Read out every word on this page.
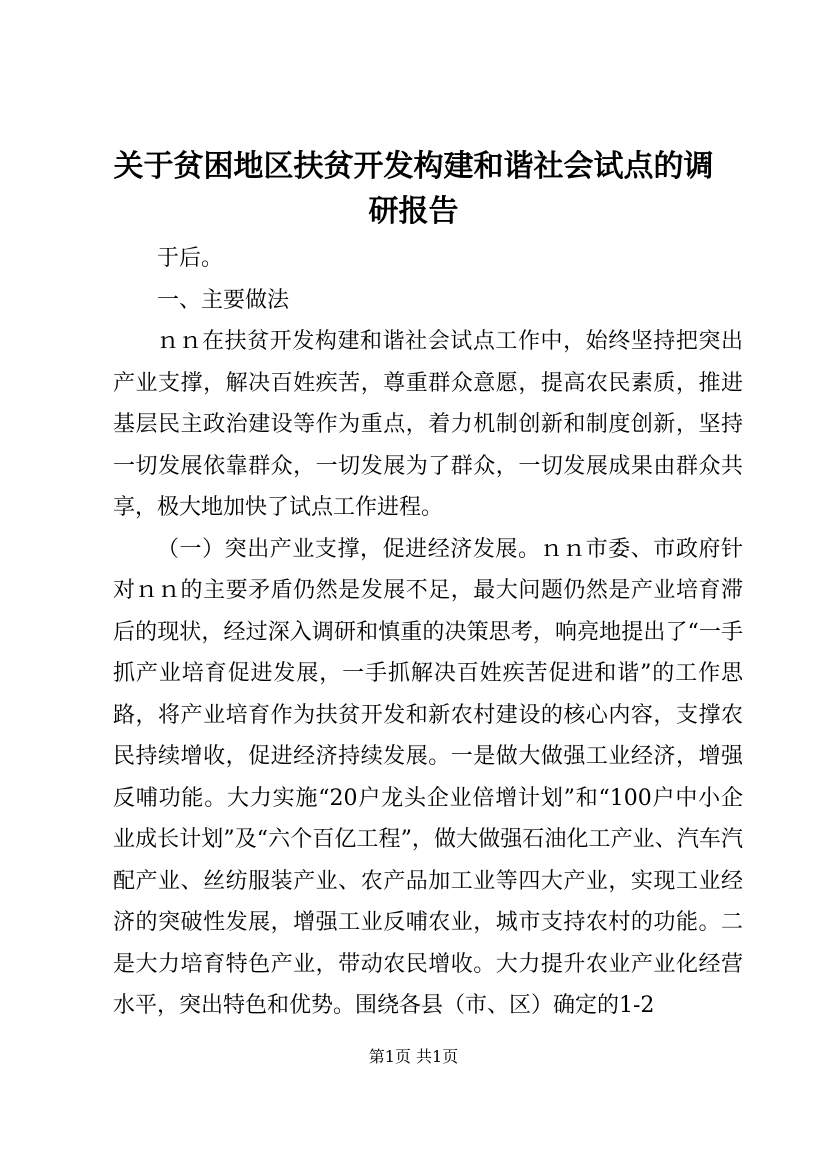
关于贫困地区扶贫开发构建和谐社会试点的调研报告

于后。

一、主要做法

ｎｎ在扶贫开发构建和谐社会试点工作中，始终坚持把突出产业支撑，解决百姓疾苦，尊重群众意愿，提高农民素质，推进基层民主政治建设等作为重点，着力机制创新和制度创新，坚持一切发展依靠群众，一切发展为了群众，一切发展成果由群众共享，极大地加快了试点工作进程。

（一）突出产业支撑，促进经济发展。ｎｎ市委、市政府针对ｎｎ的主要矛盾仍然是发展不足，最大问题仍然是产业培育滞后的现状，经过深入调研和慎重的决策思考，响亮地提出了“一手抓产业培育促进发展，一手抓解决百姓疾苦促进和谐”的工作思路，将产业培育作为扶贫开发和新农村建设的核心内容，支撑农民持续增收，促进经济持续发展。一是做大做强工业经济，增强反哺功能。大力实施“20户龙头企业倍增计划”和“100户中小企业成长计划”及“六个百亿工程”，做大做强石油化工产业、汽车汽配产业、丝纺服装产业、农产品加工业等四大产业，实现工业经济的突破性发展，增强工业反哺农业，城市支持农村的功能。二是大力培育特色产业，带动农民增收。大力提升农业产业化经营水平，突出特色和优势。围绕各县（市、区）确定的1-2

第1页 共1页
